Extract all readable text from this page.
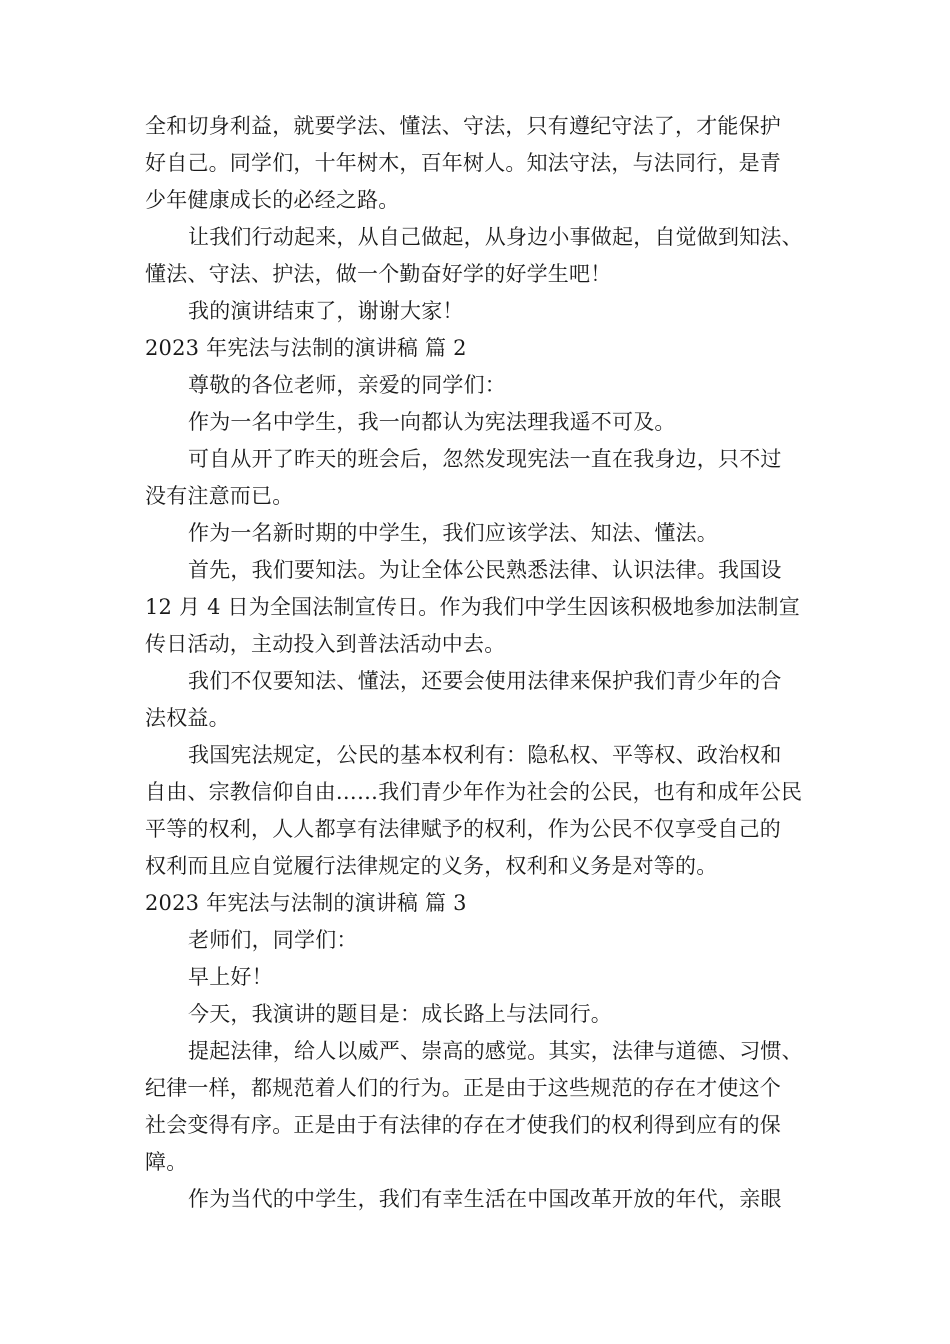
全和切身利益，就要学法、懂法、守法，只有遵纪守法了，才能保护
好自己。同学们，十年树木，百年树人。知法守法，与法同行，是青
少年健康成长的必经之路。
让我们行动起来，从自己做起，从身边小事做起，自觉做到知法、
懂法、守法、护法，做一个勤奋好学的好学生吧！
我的演讲结束了，谢谢大家！
2023 年宪法与法制的演讲稿 篇 2
尊敬的各位老师，亲爱的同学们：
作为一名中学生，我一向都认为宪法理我遥不可及。
可自从开了昨天的班会后，忽然发现宪法一直在我身边，只不过
没有注意而已。
作为一名新时期的中学生，我们应该学法、知法、懂法。
首先，我们要知法。为让全体公民熟悉法律、认识法律。我国设
12 月 4 日为全国法制宣传日。作为我们中学生因该积极地参加法制宣
传日活动，主动投入到普法活动中去。
我们不仅要知法、懂法，还要会使用法律来保护我们青少年的合
法权益。
我国宪法规定，公民的基本权利有：隐私权、平等权、政治权和
自由、宗教信仰自由……我们青少年作为社会的公民，也有和成年公民
平等的权利，人人都享有法律赋予的权利，作为公民不仅享受自己的
权利而且应自觉履行法律规定的义务，权利和义务是对等的。
2023 年宪法与法制的演讲稿 篇 3
老师们，同学们：
早上好！
今天，我演讲的题目是：成长路上与法同行。
提起法律，给人以威严、崇高的感觉。其实，法律与道德、习惯、
纪律一样，都规范着人们的行为。正是由于这些规范的存在才使这个
社会变得有序。正是由于有法律的存在才使我们的权利得到应有的保
障。
作为当代的中学生，我们有幸生活在中国改革开放的年代，亲眼
